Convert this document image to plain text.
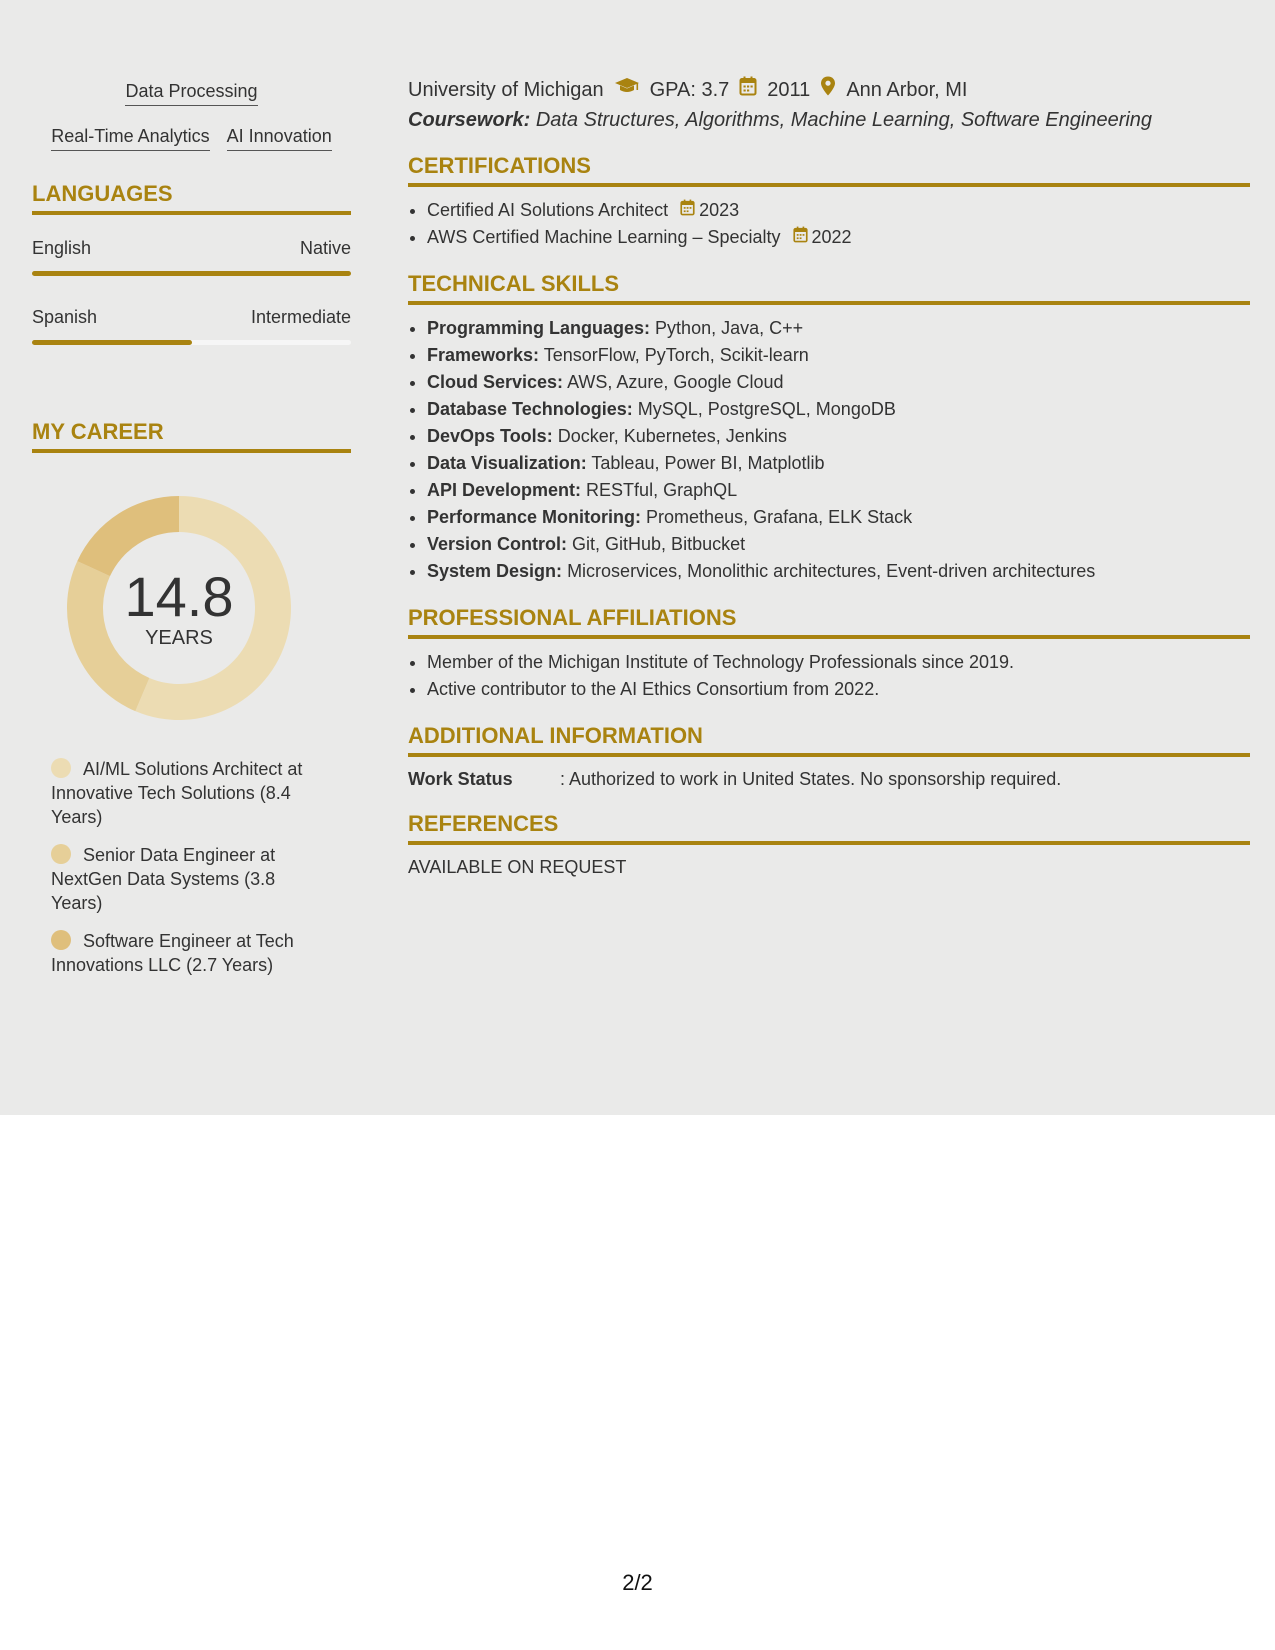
Data Processing
Real-Time Analytics AI Innovation
LANGUAGES
English	Native
Spanish	Intermediate
MY CAREER
14.8
YEARS
AI/ML Solutions Architect at Innovative Tech Solutions (8.4 Years)
Senior Data Engineer at NextGen Data Systems (3.8 Years)
Software Engineer at Tech Innovations LLC (2.7 Years)
University of Michigan GPA: 3.7 2011 Ann Arbor, MI
Coursework: Data Structures, Algorithms, Machine Learning, Software Engineering
CERTIFICATIONS
• Certified AI Solutions Architect 2023
• AWS Certified Machine Learning – Specialty 2022
TECHNICAL SKILLS
• Programming Languages: Python, Java, C++
• Frameworks: TensorFlow, PyTorch, Scikit-learn
• Cloud Services: AWS, Azure, Google Cloud
• Database Technologies: MySQL, PostgreSQL, MongoDB
• DevOps Tools: Docker, Kubernetes, Jenkins
• Data Visualization: Tableau, Power BI, Matplotlib
• API Development: RESTful, GraphQL
• Performance Monitoring: Prometheus, Grafana, ELK Stack
• Version Control: Git, GitHub, Bitbucket
• System Design: Microservices, Monolithic architectures, Event-driven architectures
PROFESSIONAL AFFILIATIONS
• Member of the Michigan Institute of Technology Professionals since 2019.
• Active contributor to the AI Ethics Consortium from 2022.
ADDITIONAL INFORMATION
Work Status	: Authorized to work in United States. No sponsorship required.
REFERENCES
AVAILABLE ON REQUEST
2/2
